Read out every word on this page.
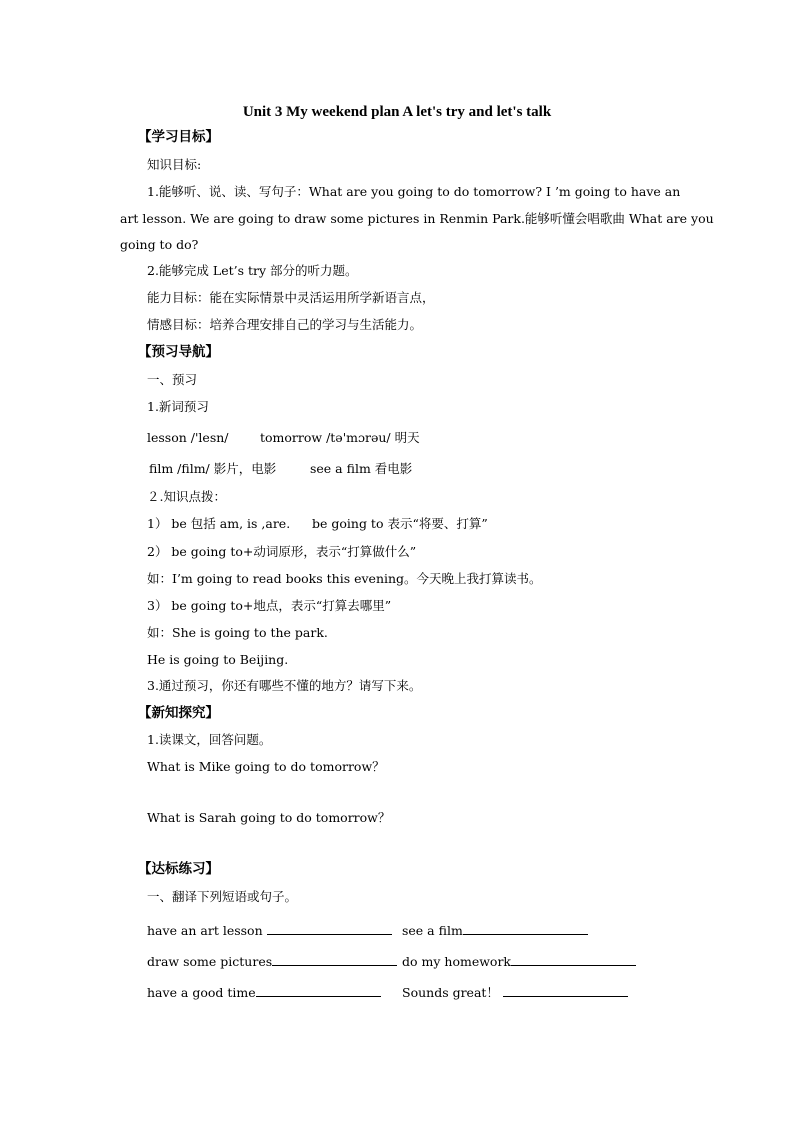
Unit 3 My weekend plan A let's try and let's talk
【学习目标】
知识目标:
1.能够听、说、读、写句子：What are you going to do tomorrow? I ’m going to have an
art lesson. We are going to draw some pictures in Renmin Park.能够听懂会唱歌曲 What are you
going to do?
2.能够完成 Let’s try 部分的听力题。
能力目标：能在实际情景中灵活运用所学新语言点，
情感目标：培养合理安排自己的学习与生活能力。
【预习导航】
一、预习
1.新词预习
lesson /'lesn/	tomorrow /tə'mɔrəu/ 明天
film /film/ 影片，电影	see a film 看电影
２.知识点拨：
1） be 包括 am, is ,are. be going to 表示“将要、打算”
2） be going to+动词原形，表示“打算做什么”
如：I’m going to read books this evening。今天晚上我打算读书。
3） be going to+地点，表示“打算去哪里”
如：She is going to the park.
He is going to Beijing.
3.通过预习，你还有哪些不懂的地方？请写下来。
【新知探究】
1.读课文，回答问题。
What is Mike going to do tomorrow？
What is Sarah going to do tomorrow？
【达标练习】
一、翻译下列短语或句子。
have an art lesson	see a film
draw some pictures	do my homework
have a good time	Sounds great！
